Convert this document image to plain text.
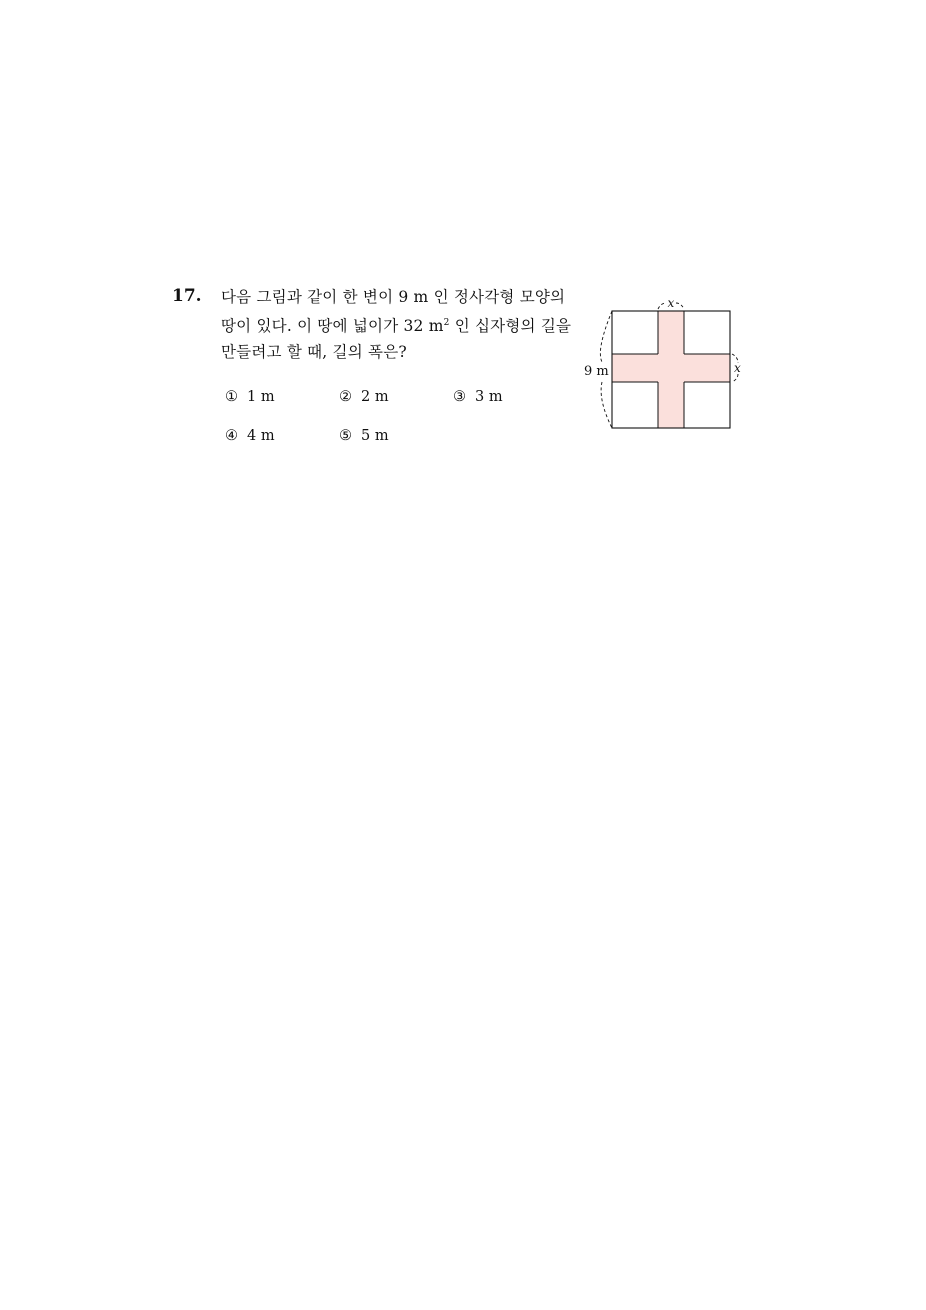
17. 다음 그림과 같이 한 변이 9 m 인 정사각형 모양의
땅이 있다. 이 땅에 넓이가 32 $m^2$ 인 십자형의 길을
만들려고 할 때, 길의 폭은?
① 1 m	② 2 m	③ 3 m
④ 4 m	⑤ 5 m
9 m
x
x
